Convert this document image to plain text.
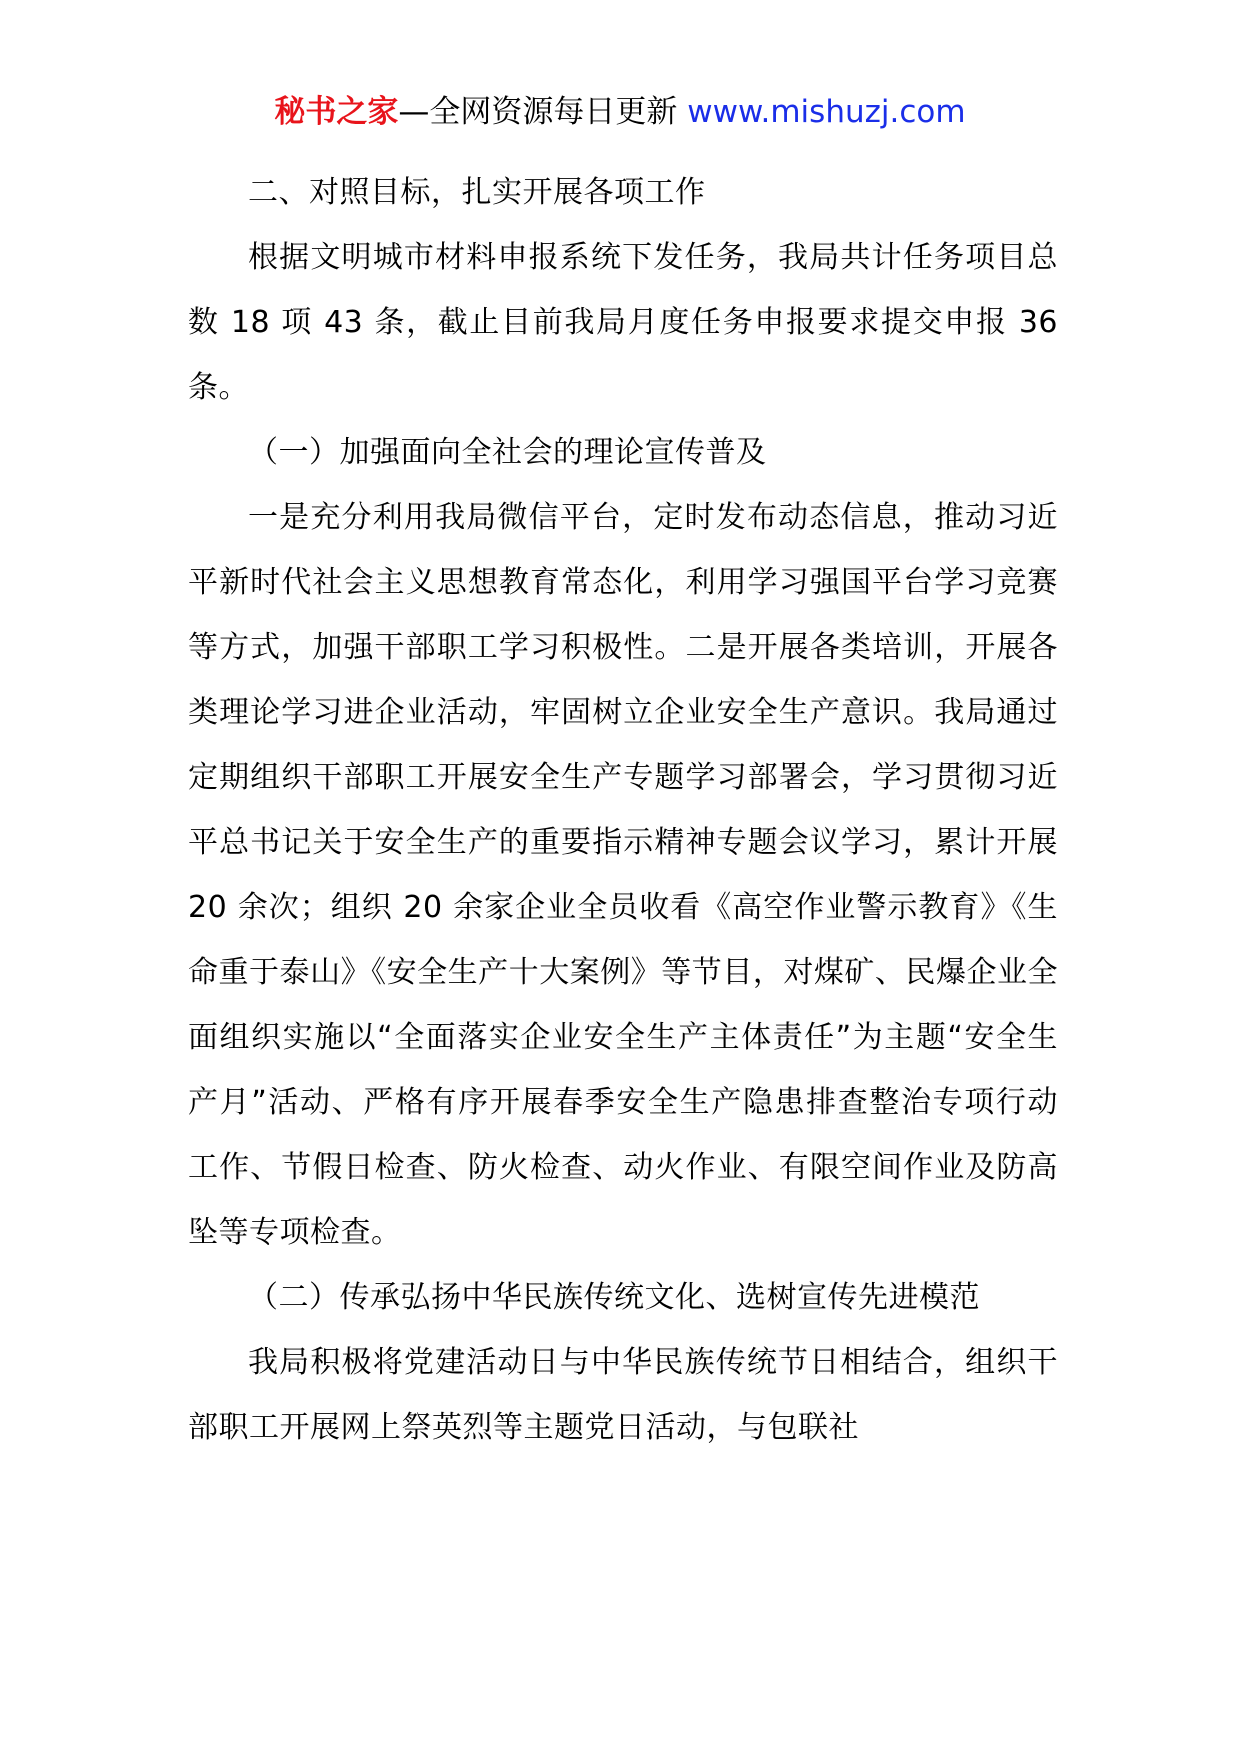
秘书之家—全网资源每日更新 www.mishuzj.com

二、对照目标，扎实开展各项工作

根据文明城市材料申报系统下发任务，我局共计任务项目总数 18 项 43 条，截止目前我局月度任务申报要求提交申报 36 条。

（一）加强面向全社会的理论宣传普及

一是充分利用我局微信平台，定时发布动态信息，推动习近平新时代社会主义思想教育常态化，利用学习强国平台学习竞赛等方式，加强干部职工学习积极性。二是开展各类培训，开展各类理论学习进企业活动，牢固树立企业安全生产意识。我局通过定期组织干部职工开展安全生产专题学习部署会，学习贯彻习近平总书记关于安全生产的重要指示精神专题会议学习，累计开展 20 余次；组织 20 余家企业全员收看《高空作业警示教育》《生命重于泰山》《安全生产十大案例》等节目，对煤矿、民爆企业全面组织实施以“全面落实企业安全生产主体责任”为主题“安全生产月”活动、严格有序开展春季安全生产隐患排查整治专项行动工作、节假日检查、防火检查、动火作业、有限空间作业及防高坠等专项检查。

（二）传承弘扬中华民族传统文化、选树宣传先进模范

我局积极将党建活动日与中华民族传统节日相结合，组织干部职工开展网上祭英烈等主题党日活动，与包联社
